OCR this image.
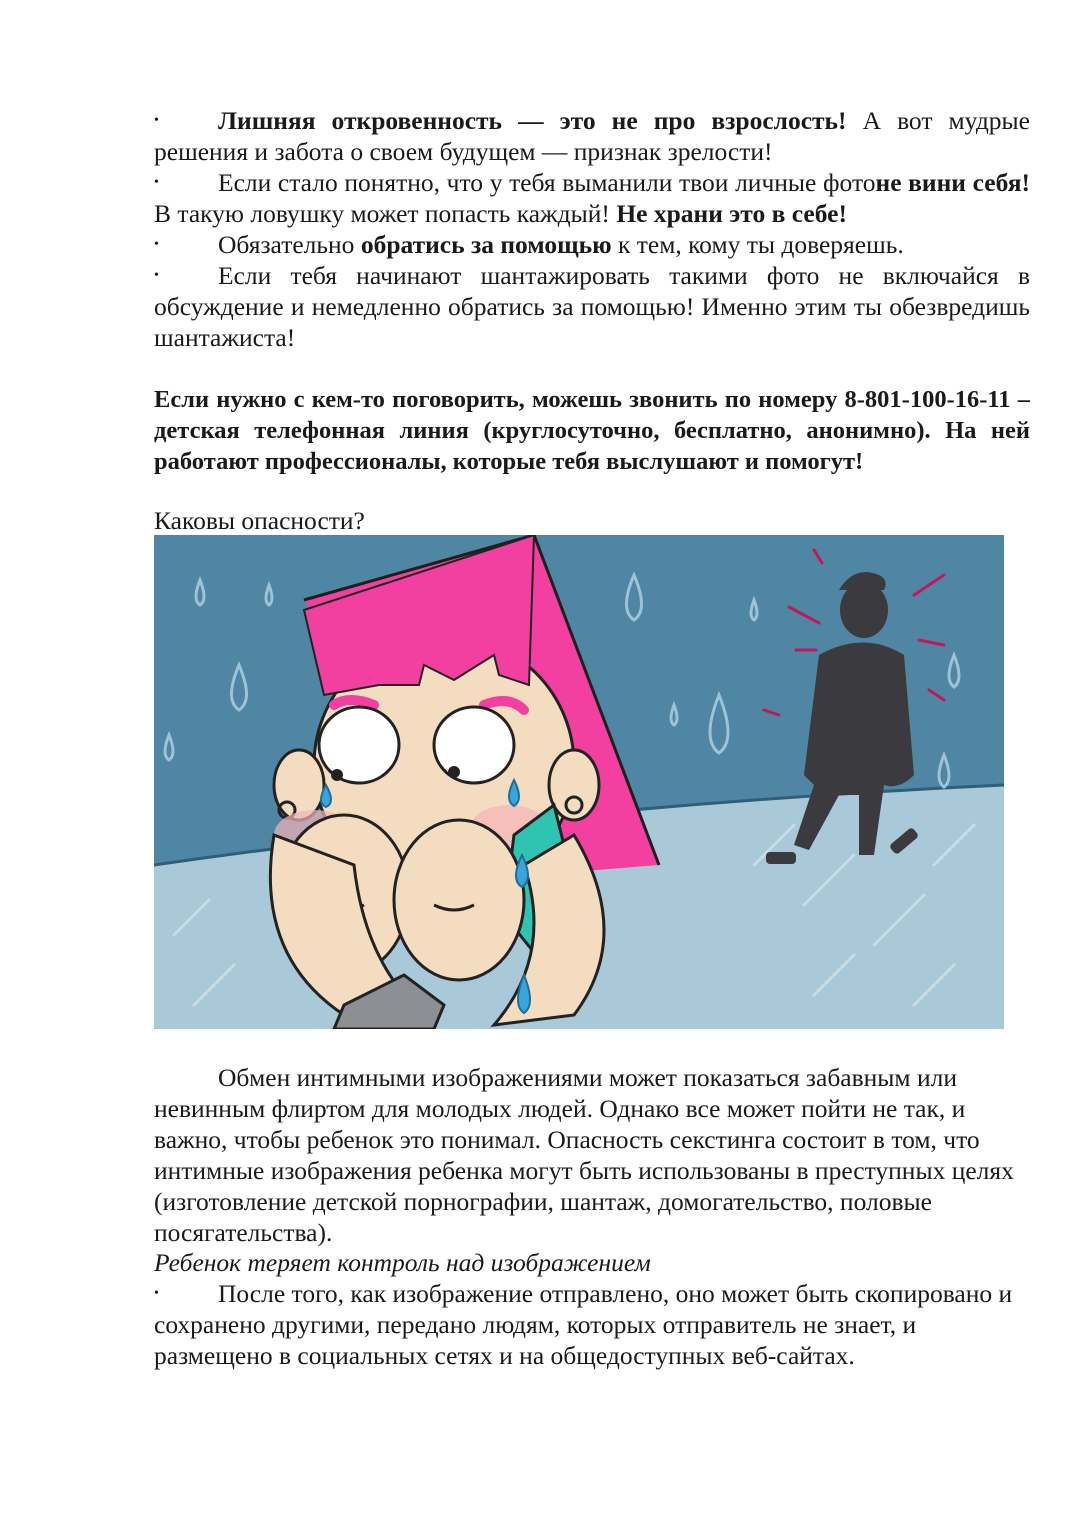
• Лишняя откровенность — это не про взрослость! А вот мудрые решения и забота о своем будущем — признак зрелости!
• Если стало понятно, что у тебя выманили твои личные фотоне вини себя! В такую ловушку может попасть каждый! Не храни это в себе!
• Обязательно обратись за помощью к тем, кому ты доверяешь.
• Если тебя начинают шантажировать такими фото не включайся в обсуждение и немедленно обратись за помощью! Именно этим ты обезвредишь шантажиста!
Если нужно с кем-то поговорить, можешь звонить по номеру 8-801-100-16-11 – детская телефонная линия (круглосуточно, бесплатно, анонимно). На ней работают профессионалы, которые тебя выслушают и помогут!
Каковы опасности?
Обмен интимными изображениями может показаться забавным или невинным флиртом для молодых людей. Однако все может пойти не так, и важно, чтобы ребенок это понимал. Опасность секстинга состоит в том, что интимные изображения ребенка могут быть использованы в преступных целях (изготовление детской порнографии, шантаж, домогательство, половые посягательства).
Ребенок теряет контроль над изображением
• После того, как изображение отправлено, оно может быть скопировано и сохранено другими, передано людям, которых отправитель не знает, и размещено в социальных сетях и на общедоступных веб-сайтах.
